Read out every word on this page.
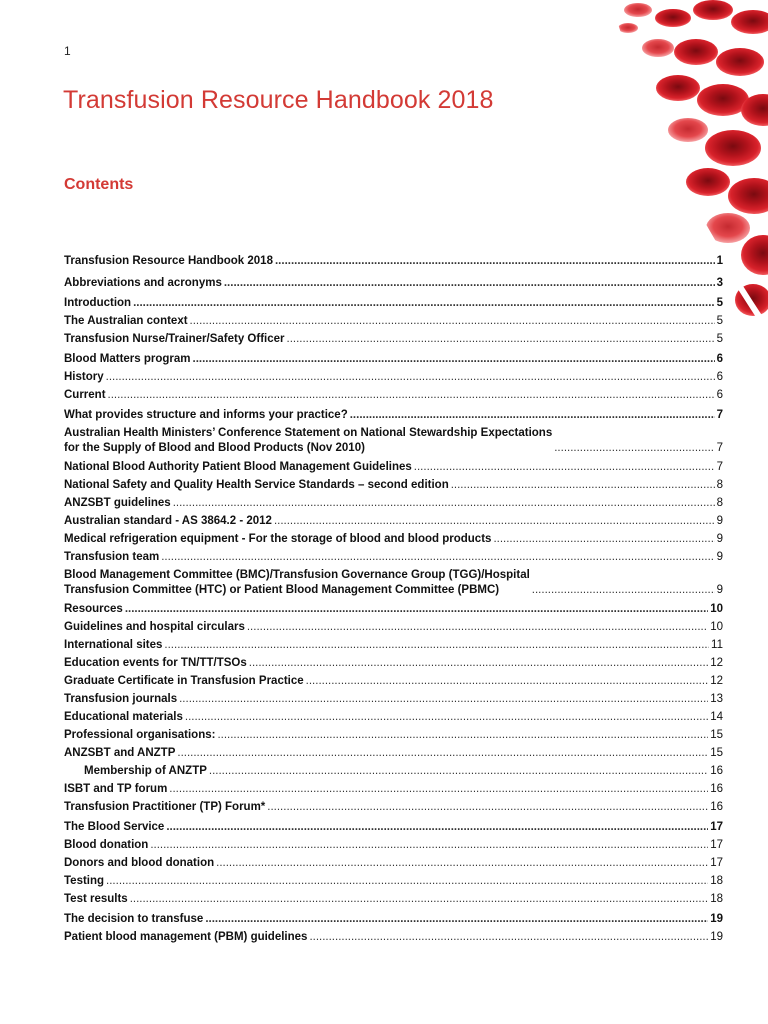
1
Transfusion Resource Handbook 2018
Contents
Transfusion Resource Handbook 2018 .....	1
Abbreviations and acronyms .....	3
Introduction .....	5
The Australian context .....	5
Transfusion Nurse/Trainer/Safety Officer .....	5
Blood Matters program .....	6
History .....	6
Current .....	6
What provides structure and informs your practice? .....	7
Australian Health Ministers’ Conference Statement on National Stewardship Expectations
for the Supply of Blood and Blood Products (Nov 2010) .....	7
National Blood Authority Patient Blood Management Guidelines .....	7
National Safety and Quality Health Service Standards – second edition .....	8
ANZSBT guidelines .....	8
Australian standard - AS 3864.2 - 2012 .....	9
Medical refrigeration equipment - For the storage of blood and blood products .....	9
Transfusion team .....	9
Blood Management Committee (BMC)/Transfusion Governance Group (TGG)/Hospital
Transfusion Committee (HTC) or Patient Blood Management Committee (PBMC) .....	9
Resources .....	10
Guidelines and hospital circulars .....	10
International sites .....	11
Education events for TN/TT/TSOs .....	12
Graduate Certificate in Transfusion Practice .....	12
Transfusion journals .....	13
Educational materials .....	14
Professional organisations: .....	15
ANZSBT and ANZTP .....	15
Membership of ANZTP .....	16
ISBT and TP forum .....	16
Transfusion Practitioner (TP) Forum* .....	16
The Blood Service .....	17
Blood donation .....	17
Donors and blood donation .....	17
Testing .....	18
Test results .....	18
The decision to transfuse .....	19
Patient blood management (PBM) guidelines .....	19
